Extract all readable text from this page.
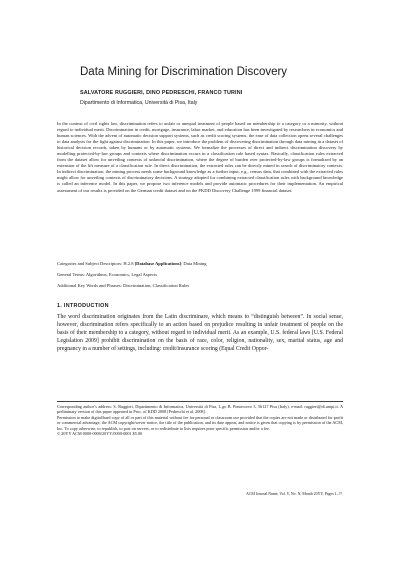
Data Mining for Discrimination Discovery
SALVATORE RUGGIERI, DINO PEDRESCHI, FRANCO TURINI
Dipartimento di Informatica, Università di Pisa, Italy

In the context of civil rights law, discrimination refers to unfair or unequal treatment of people based on membership to a category or a minority, without regard to individual merit. Discrimination in credit, mortgage, insurance, labor market, and education has been investigated by researchers in economics and human sciences. With the advent of automatic decision support systems, such as credit scoring systems, the ease of data collection opens several challenges to data analysts for the fight against discrimination. In this paper, we introduce the problem of discovering discrimination through data mining in a dataset of historical decision records, taken by humans or by automatic systems. We formalize the processes of direct and indirect discrimination discovery by modelling protected-by-law groups and contexts where discrimination occurs in a classification rule based syntax. Basically, classification rules extracted from the dataset allow for unveiling contexts of unlawful discrimination, where the degree of burden over protected-by-law groups is formalized by an extension of the lift measure of a classification rule. In direct discrimination, the extracted rules can be directly mined in search of discriminatory contexts. In indirect discrimination, the mining process needs some background knowledge as a further input, e.g., census data, that combined with the extracted rules might allow for unveiling contexts of discriminatory decisions. A strategy adopted for combining extracted classification rules with background knowledge is called an inference model. In this paper, we propose two inference models and provide automatic procedures for their implementation. An empirical assessment of our results is provided on the German credit dataset and on the PKDD Discovery Challenge 1999 financial dataset.

Categories and Subject Descriptors: H.2.8 [Database Applications]: Data Mining

General Terms: Algorithms, Economics, Legal Aspects

Additional Key Words and Phrases: Discrimination, Classification Rules

1. INTRODUCTION

The word discrimination originates from the Latin discriminare, which means to “distinguish between”. In social sense, however, discrimination refers specifically to an action based on prejudice resulting in unfair treatment of people on the basis of their membership to a category, without regard to individual merit. As an example, U.S. federal laws [U.S. Federal Legislation 2009] prohibit discrimination on the basis of race, color, religion, nationality, sex, marital status, age and pregnancy in a number of settings, including: credit/insurance scoring (Equal Credit Oppor-

Corresponding author’s address: S. Ruggieri, Dipartimento di Informatica, Università di Pisa, L.go B. Pontecorvo 3, 56127 Pisa (Italy). e-mail: ruggieri@di.unipi.it. A preliminary version of this paper appeared in Proc. of KDD 2008 [Pedreschi et al. 2008].
Permission to make digital/hard copy of all or part of this material without fee for personal or classroom use provided that the copies are not made or distributed for profit or commercial advantage, the ACM copyright/server notice, the title of the publication, and its date appear, and notice is given that copying is by permission of the ACM, Inc. To copy otherwise, to republish, to post on servers, or to redistribute to lists requires prior specific permission and/or a fee.
© 20YY ACM 0000-0000/20YY/0000-0001 $5.00

ACM Journal Name, Vol. V, No. N, Month 20YY, Pages 1–??.
